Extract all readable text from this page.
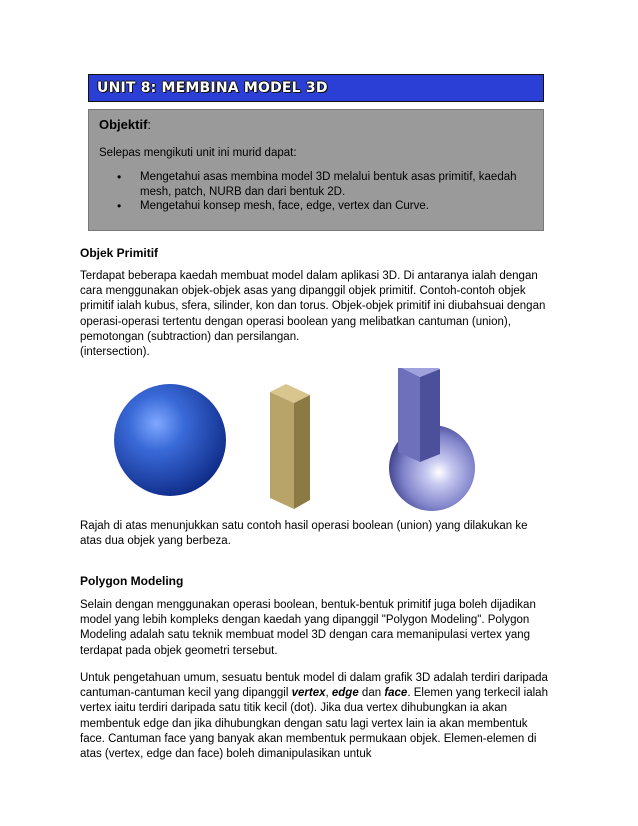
UNIT 8: MEMBINA MODEL 3D
Objektif:
Selepas mengikuti unit ini murid dapat:
• Mengetahui asas membina model 3D melalui bentuk asas primitif, kaedah mesh, patch, NURB dan dari bentuk 2D.
• Mengetahui konsep mesh, face, edge, vertex dan Curve.
Objek Primitif

Terdapat beberapa kaedah membuat model dalam aplikasi 3D. Di antaranya ialah dengan cara menggunakan objek-objek asas yang dipanggil objek primitif. Contoh-contoh objek primitif ialah kubus, sfera, silinder, kon dan torus. Objek-objek primitif ini diubahsuai dengan operasi-operasi tertentu dengan operasi boolean yang melibatkan cantuman (union), pemotongan (subtraction) dan persilangan.

(intersection).

Rajah di atas menunjukkan satu contoh hasil operasi boolean (union) yang dilakukan ke atas dua objek yang berbeza.
Polygon Modeling
Selain dengan menggunakan operasi boolean, bentuk-bentuk primitif juga boleh dijadikan model yang lebih kompleks dengan kaedah yang dipanggil "Polygon Modeling". Polygon Modeling adalah satu teknik membuat model 3D dengan cara memanipulasi vertex yang terdapat pada objek geometri tersebut.

Untuk pengetahuan umum, sesuatu bentuk model di dalam grafik 3D adalah terdiri daripada cantuman-cantuman kecil yang dipanggil vertex, edge dan face. Elemen yang terkecil ialah vertex iaitu terdiri daripada satu titik kecil (dot). Jika dua vertex dihubungkan ia akan membentuk edge dan jika dihubungkan dengan satu lagi vertex lain ia akan membentuk face. Cantuman face yang banyak akan membentuk permukaan objek. Elemen-elemen di atas (vertex, edge dan face) boleh dimanipulasikan untuk
